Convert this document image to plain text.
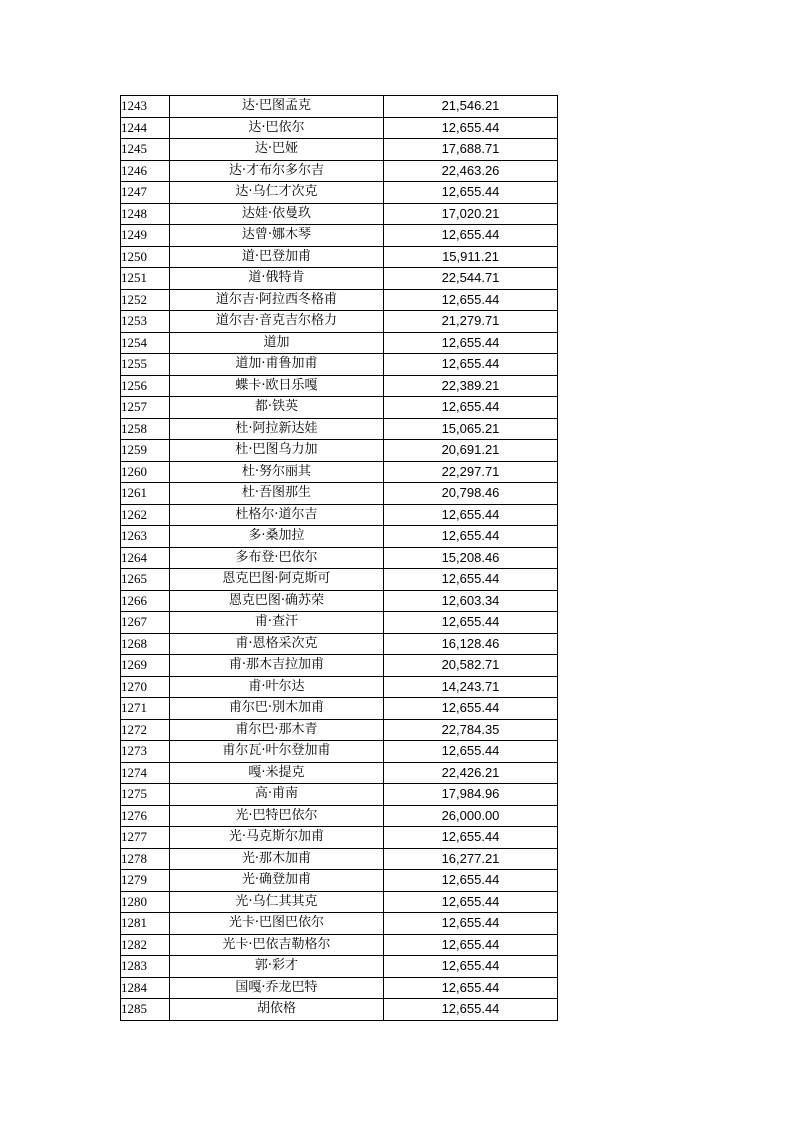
1243	达·巴图孟克	21,546.21
1244	达·巴依尔	12,655.44
1245	达·巴娅	17,688.71
1246	达·才布尔多尔吉	22,463.26
1247	达·乌仁才次克	12,655.44
1248	达娃·依曼玖	17,020.21
1249	达曾·娜木琴	12,655.44
1250	道·巴登加甫	15,911.21
1251	道·俄特肯	22,544.71
1252	道尔吉·阿拉西冬格甫	12,655.44
1253	道尔吉·音克吉尔格力	21,279.71
1254	道加	12,655.44
1255	道加·甫鲁加甫	12,655.44
1256	蝶卡·欧日乐嘎	22,389.21
1257	都·铁英	12,655.44
1258	杜·阿拉新达娃	15,065.21
1259	杜·巴图乌力加	20,691.21
1260	杜·努尔丽其	22,297.71
1261	杜·吾图那生	20,798.46
1262	杜格尔·道尔吉	12,655.44
1263	多·桑加拉	12,655.44
1264	多布登·巴依尔	15,208.46
1265	恩克巴图·阿克斯可	12,655.44
1266	恩克巴图·确苏荣	12,603.34
1267	甫·查汗	12,655.44
1268	甫·恩格采次克	16,128.46
1269	甫·那木吉拉加甫	20,582.71
1270	甫·叶尔达	14,243.71
1271	甫尔巴·別木加甫	12,655.44
1272	甫尔巴·那木青	22,784.35
1273	甫尔瓦·叶尔登加甫	12,655.44
1274	嘎·米提克	22,426.21
1275	高·甫南	17,984.96
1276	光·巴特巴依尔	26,000.00
1277	光·马克斯尔加甫	12,655.44
1278	光·那木加甫	16,277.21
1279	光·确登加甫	12,655.44
1280	光·乌仁其其克	12,655.44
1281	光卡·巴图巴依尔	12,655.44
1282	光卡·巴依吉勒格尔	12,655.44
1283	郭·彩才	12,655.44
1284	国嘎·乔龙巴特	12,655.44
1285	胡依格	12,655.44
